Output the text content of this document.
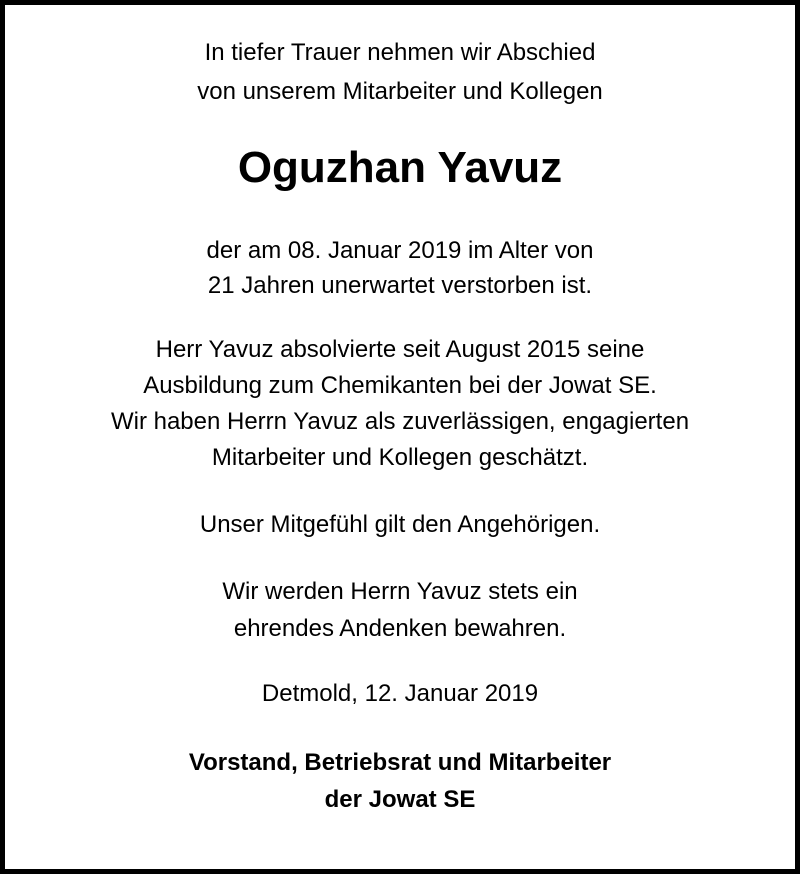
In tiefer Trauer nehmen wir Abschied
von unserem Mitarbeiter und Kollegen
Oguzhan Yavuz
der am 08. Januar 2019 im Alter von
21 Jahren unerwartet verstorben ist.
Herr Yavuz absolvierte seit August 2015 seine
Ausbildung zum Chemikanten bei der Jowat SE.
Wir haben Herrn Yavuz als zuverlässigen, engagierten
Mitarbeiter und Kollegen geschätzt.
Unser Mitgefühl gilt den Angehörigen.
Wir werden Herrn Yavuz stets ein
ehrendes Andenken bewahren.
Detmold, 12. Januar 2019
Vorstand, Betriebsrat und Mitarbeiter
der Jowat SE
